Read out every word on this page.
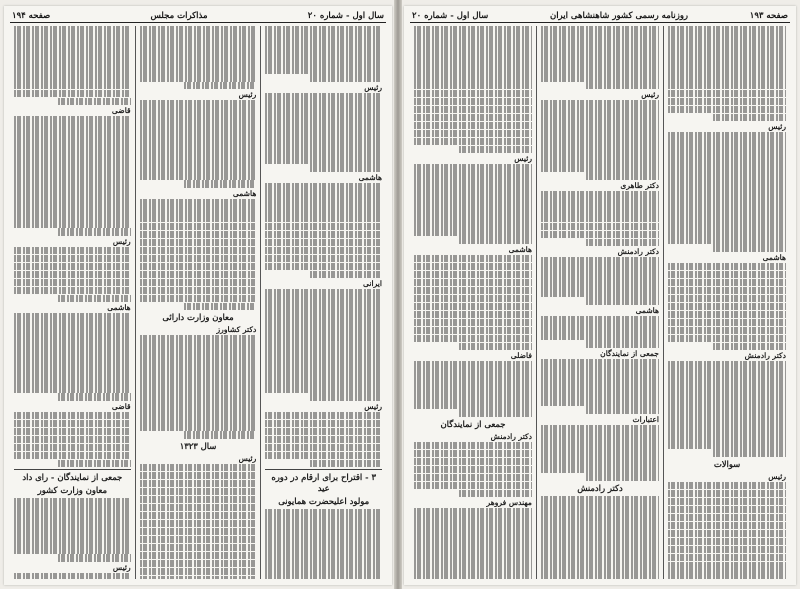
سال اول - شماره ۲۰
مذاکرات مجلس
صفحه ۱۹۴

رئیس

هاشمی

ایرانی

رئیس

۳ - اقتراح برای ارقام در دوره عید

مولود اعلیحضرت همایونی

رئیس

هاشمی

معاون وزارت دارائی

دکتر کشاورز

سال ۱۳۲۳

رئیس

قاضی

رئیس

هاشمی

قاضی

جمعی از نمایندگان - رای داد

معاون وزارت کشور

رئیس

صفحه ۱۹۳
روزنامه رسمی کشور شاهنشاهی ایران
سال اول - شماره ۲۰

رئیس

هاشمی

دکتر رادمنش

سوالات

رئیس

رئیس

دکتر طاهری

دکتر رادمنش

هاشمی

جمعی از نمایندگان

اعتبارات

دکتر رادمنش

رئیس

هاشمی

فاضلی

جمعی از نمایندگان

دکتر رادمنش

مهندس فروهر
